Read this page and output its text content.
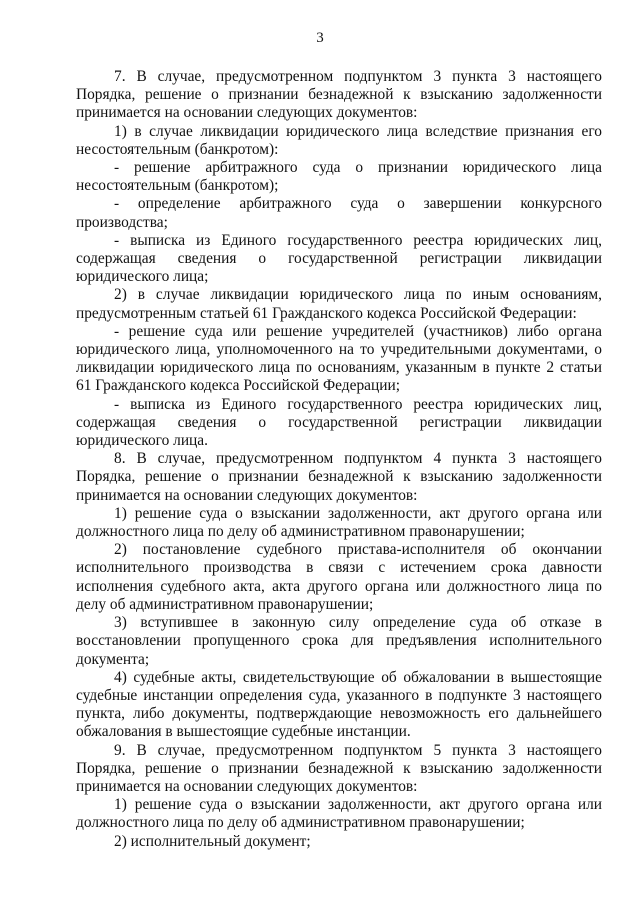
3

7. В случае, предусмотренном подпунктом 3 пункта 3 настоящего Порядка, решение о признании безнадежной к взысканию задолженности принимается на основании следующих документов:

1) в случае ликвидации юридического лица вследствие признания его несостоятельным (банкротом):

- решение арбитражного суда о признании юридического лица несостоятельным (банкротом);

- определение арбитражного суда о завершении конкурсного производства;

- выписка из Единого государственного реестра юридических лиц, содержащая сведения о государственной регистрации ликвидации юридического лица;

2) в случае ликвидации юридического лица по иным основаниям, предусмотренным статьей 61 Гражданского кодекса Российской Федерации:

- решение суда или решение учредителей (участников) либо органа юридического лица, уполномоченного на то учредительными документами, о ликвидации юридического лица по основаниям, указанным в пункте 2 статьи 61 Гражданского кодекса Российской Федерации;

- выписка из Единого государственного реестра юридических лиц, содержащая сведения о государственной регистрации ликвидации юридического лица.

8. В случае, предусмотренном подпунктом 4 пункта 3 настоящего Порядка, решение о признании безнадежной к взысканию задолженности принимается на основании следующих документов:

1) решение суда о взыскании задолженности, акт другого органа или должностного лица по делу об административном правонарушении;

2) постановление судебного пристава-исполнителя об окончании исполнительного производства в связи с истечением срока давности исполнения судебного акта, акта другого органа или должностного лица по делу об административном правонарушении;

3) вступившее в законную силу определение суда об отказе в восстановлении пропущенного срока для предъявления исполнительного документа;

4) судебные акты, свидетельствующие об обжаловании в вышестоящие судебные инстанции определения суда, указанного в подпункте 3 настоящего пункта, либо документы, подтверждающие невозможность его дальнейшего обжалования в вышестоящие судебные инстанции.

9. В случае, предусмотренном подпунктом 5 пункта 3 настоящего Порядка, решение о признании безнадежной к взысканию задолженности принимается на основании следующих документов:

1) решение суда о взыскании задолженности, акт другого органа или должностного лица по делу об административном правонарушении;

2) исполнительный документ;
